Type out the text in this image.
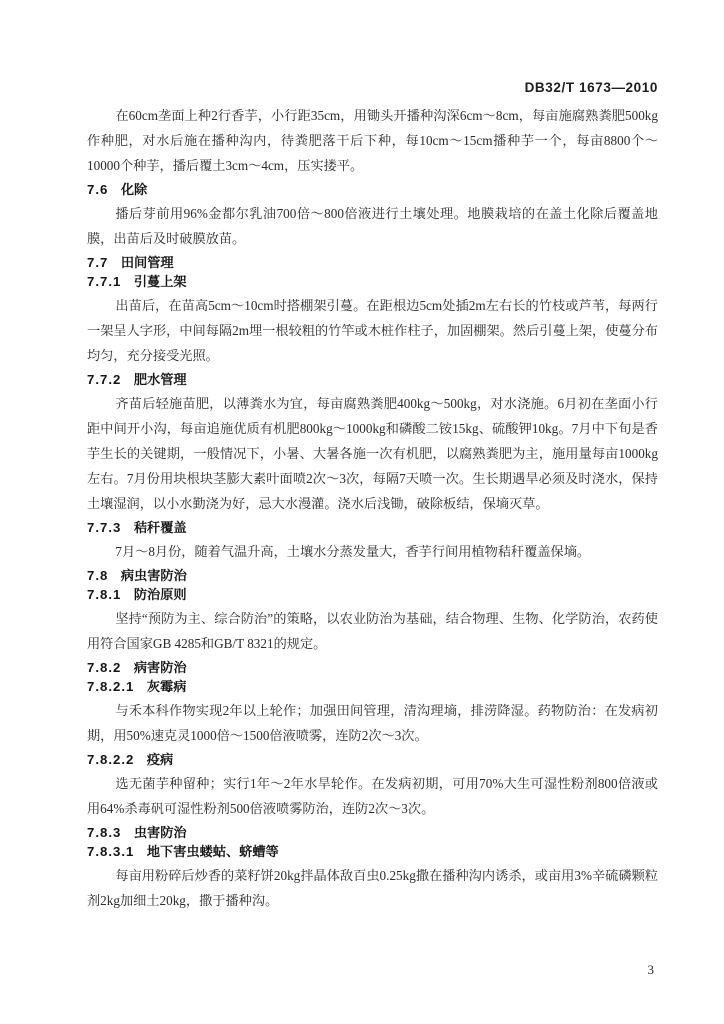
DB32/T 1673—2010

在60cm垄面上种2行香芋，小行距35cm，用锄头开播种沟深6cm～8cm，每亩施腐熟粪肥500kg作种肥，对水后施在播种沟内，待粪肥落干后下种，每10cm～15cm播种芋一个，每亩8800个～10000个种芋，播后覆土3cm～4cm，压实搂平。

7.6 化除

播后芽前用96%金都尔乳油700倍～800倍液进行土壤处理。地膜栽培的在盖土化除后覆盖地膜，出苗后及时破膜放苗。

7.7 田间管理
7.7.1 引蔓上架

出苗后，在苗高5cm～10cm时搭棚架引蔓。在距根边5cm处插2m左右长的竹枝或芦苇，每两行一架呈人字形，中间每隔2m埋一根较粗的竹竿或木桩作柱子，加固棚架。然后引蔓上架，使蔓分布均匀，充分接受光照。

7.7.2 肥水管理

齐苗后轻施苗肥，以薄粪水为宜，每亩腐熟粪肥400kg～500kg，对水浇施。6月初在垄面小行距中间开小沟，每亩追施优质有机肥800kg～1000kg和磷酸二铵15kg、硫酸钾10kg。7月中下旬是香芋生长的关键期，一般情况下，小暑、大暑各施一次有机肥，以腐熟粪肥为主，施用量每亩1000kg左右。7月份用块根块茎膨大素叶面喷2次～3次，每隔7天喷一次。生长期遇旱必须及时浇水，保持土壤湿润，以小水勤浇为好，忌大水漫灌。浇水后浅锄，破除板结，保墒灭草。

7.7.3 秸秆覆盖

7月～8月份，随着气温升高，土壤水分蒸发量大，香芋行间用植物秸秆覆盖保墒。

7.8 病虫害防治
7.8.1 防治原则

坚持“预防为主、综合防治”的策略，以农业防治为基础，结合物理、生物、化学防治，农药使用符合国家GB 4285和GB/T 8321的规定。

7.8.2 病害防治
7.8.2.1 灰霉病

与禾本科作物实现2年以上轮作；加强田间管理，清沟理墒，排涝降湿。药物防治：在发病初期，用50%速克灵1000倍～1500倍液喷雾，连防2次～3次。

7.8.2.2 疫病

选无菌芋种留种；实行1年～2年水旱轮作。在发病初期，可用70%大生可湿性粉剂800倍液或用64%杀毒矾可湿性粉剂500倍液喷雾防治，连防2次～3次。

7.8.3 虫害防治
7.8.3.1 地下害虫蝼蛄、蛴螬等

每亩用粉碎后炒香的菜籽饼20kg拌晶体敌百虫0.25kg撒在播种沟内诱杀，或亩用3%辛硫磷颗粒剂2kg加细土20kg，撒于播种沟。

3
